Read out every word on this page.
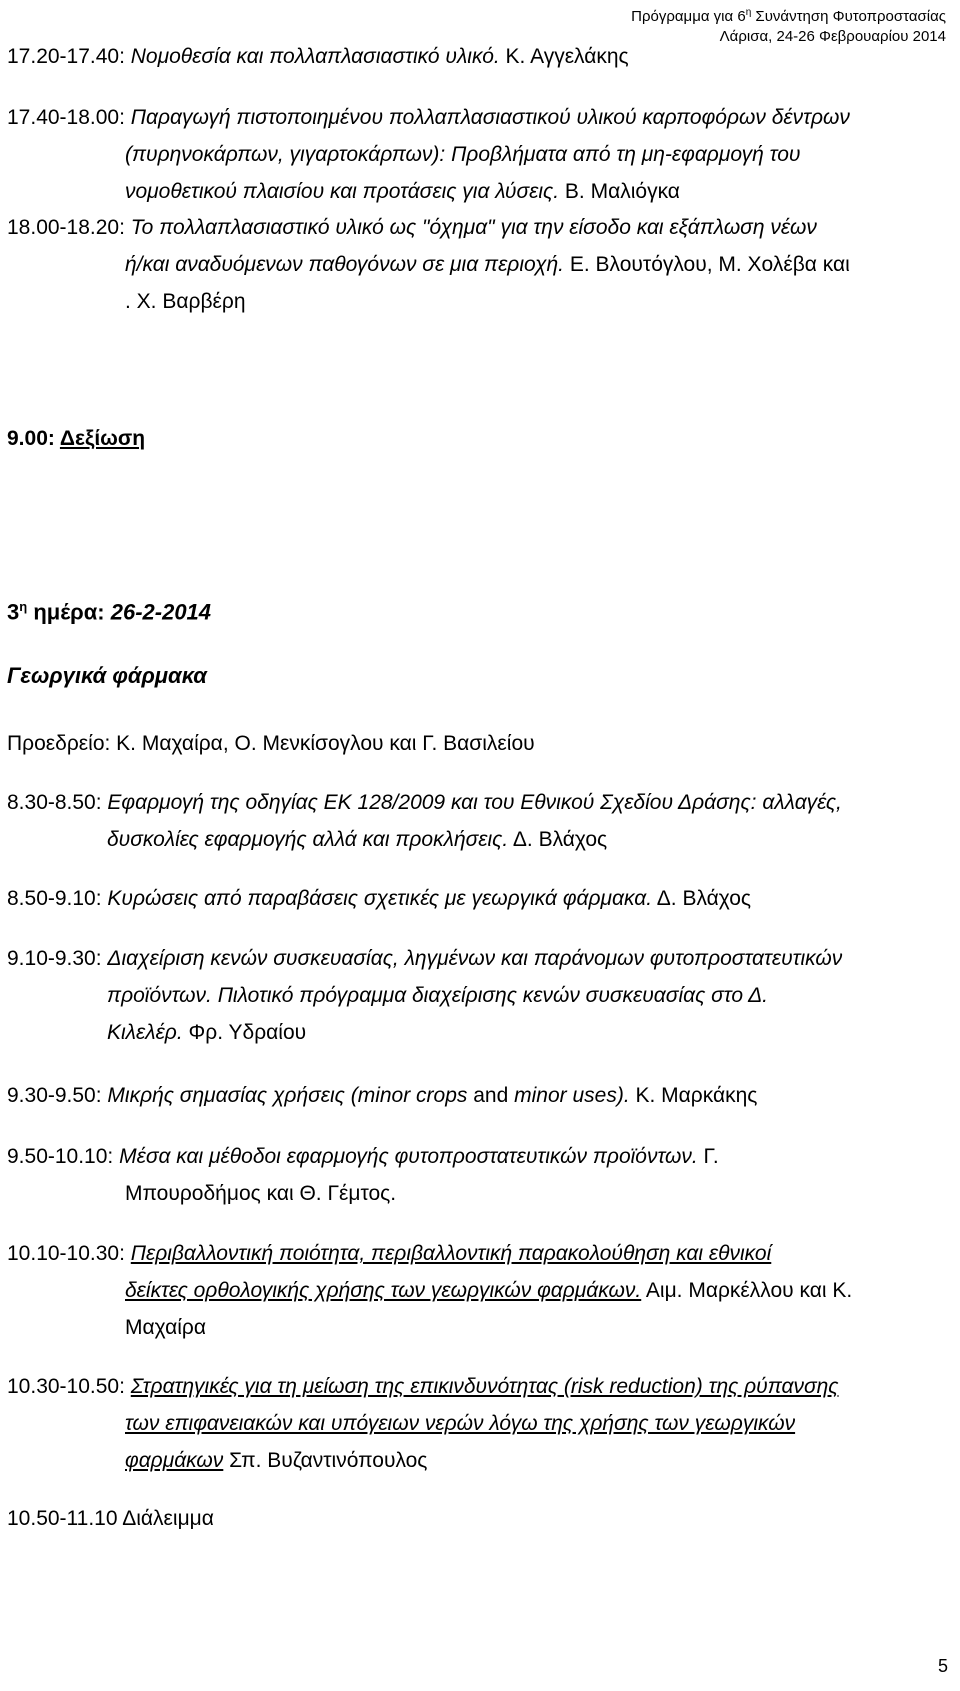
Πρόγραμμα για $6^\eta$ Συνάντηση Φυτοπροστασίας
Λάρισα, 24-26 Φεβρουαρίου 2014
17.20-17.40: Νομοθεσία και πολλαπλασιαστικό υλικό. Κ. Αγγελάκης
17.40-18.00: Παραγωγή πιστοποιημένου πολλαπλασιαστικού υλικού καρποφόρων δέντρων
(πυρηνοκάρπων, γιγαρτοκάρπων): Προβλήματα από τη μη-εφαρμογή του
νομοθετικού πλαισίου και προτάσεις για λύσεις. Β. Μαλιόγκα
18.00-18.20: Το πολλαπλασιαστικό υλικό ως "όχημα" για την είσοδο και εξάπλωση νέων
ή/και αναδυόμενων παθογόνων σε μια περιοχή. Ε. Βλουτόγλου, Μ. Χολέβα και
. Χ. Βαρβέρη
9.00: Δεξίωση
$3^\eta$ ημέρα: 26-2-2014
Γεωργικά φάρμακα
Προεδρείο: Κ. Μαχαίρα, Ο. Μενκίσογλου και Γ. Βασιλείου
8.30-8.50: Εφαρμογή της οδηγίας ΕΚ 128/2009 και του Εθνικού Σχεδίου Δράσης: αλλαγές,
δυσκολίες εφαρμογής αλλά και προκλήσεις. Δ. Βλάχος
8.50-9.10: Κυρώσεις από παραβάσεις σχετικές με γεωργικά φάρμακα. Δ. Βλάχος
9.10-9.30: Διαχείριση κενών συσκευασίας, ληγμένων και παράνομων φυτοπροστατευτικών
προϊόντων. Πιλοτικό πρόγραμμα διαχείρισης κενών συσκευασίας στο Δ.
Κιλελέρ. Φρ. Υδραίου
9.30-9.50: Μικρής σημασίας χρήσεις (minor crops and minor uses). Κ. Μαρκάκης
9.50-10.10: Μέσα και μέθοδοι εφαρμογής φυτοπροστατευτικών προϊόντων. Γ.
Μπουροδήμος και Θ. Γέμτος.
10.10-10.30: Περιβαλλοντική ποιότητα, περιβαλλοντική παρακολούθηση και εθνικοί
δείκτες ορθολογικής χρήσης των γεωργικών φαρμάκων. Αιμ. Μαρκέλλου και Κ.
Μαχαίρα
10.30-10.50: Στρατηγικές για τη μείωση της επικινδυνότητας (risk reduction) της ρύπανσης
των επιφανειακών και υπόγειων νερών λόγω της χρήσης των γεωργικών
φαρμάκων Σπ. Βυζαντινόπουλος
10.50-11.10 Διάλειμμα
5
